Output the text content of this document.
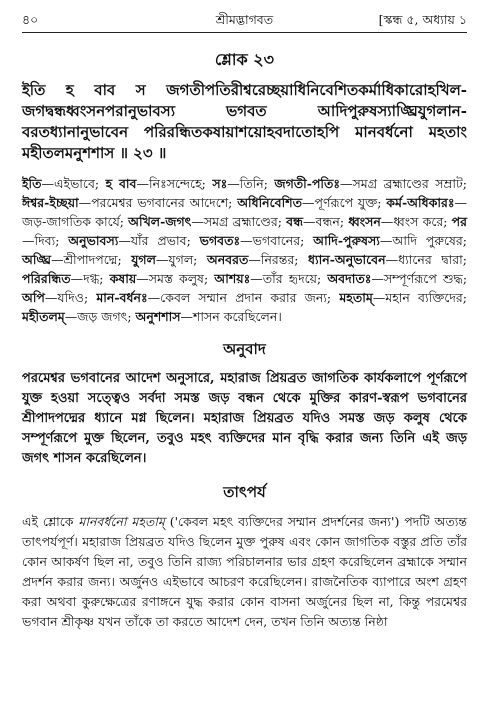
৪০	শ্রীমদ্ভাগবত	[স্কন্ধ ৫, অধ্যায় ১
শ্লোক ২৩
ইতি হ বাব স জগতীপতিরীশ্বরেচ্ছয়াধিনিবেশিতকর্মাধিকারোহখিল-জগদ্বন্ধধ্বংসনপরানুভাবস্য ভগবত আদিপুরুষস্যাঙ্ঘ্রিযুগলান-বরতধ্যানানুভাবেন পরিরন্ধিতকষায়াশয়োহবদাতোহপি মানবর্ধনো মহতাং মহীতলমনুশশাস ॥ ২৩ ॥
ইতি—এইভাবে; হ বাব—নিঃসন্দেহে; সঃ—তিনি; জগতী-পতিঃ—সমগ্র ব্রহ্মাণ্ডের সম্রাট; ঈশ্বর-ইচ্ছয়া—পরমেশ্বর ভগবানের আদেশে; অধিনিবেশিত—পূর্ণরূপে যুক্ত; কর্ম-অধিকারঃ—জড়-জাগতিক কার্যে; অখিল-জগৎ—সমগ্র ব্রহ্মাণ্ডের; বন্ধ—বন্ধন; ধ্বংসন—ধ্বংস করে; পর—দিব্য; অনুভাবস্য—যাঁর প্রভাব; ভগবতঃ—ভগবানের; আদি-পুরুষস্য—আদি পুরুষের; অঙ্ঘ্রি—শ্রীপাদপদ্মে; যুগল—যুগল; অনবরত—নিরন্তর; ধ্যান-অনুভাবেন—ধ্যানের দ্বারা; পরিরন্ধিত—দগ্ধ; কষায়—সমস্ত কলুষ; আশয়ঃ—তাঁর হৃদয়ে; অবদাতঃ—সম্পূর্ণরূপে শুদ্ধ; অপি—যদিও; মান-বর্ধনঃ—কেবল সম্মান প্রদান করার জন্য; মহতাম্—মহান ব্যক্তিদের; মহীতলম্—জড় জগৎ; অনুশশাস—শাসন করেছিলেন।
অনুবাদ
পরমেশ্বর ভগবানের আদেশ অনুসারে, মহারাজ প্রিয়ব্রত জাগতিক কার্যকলাপে পূর্ণরূপে যুক্ত হওয়া সত্ত্বেও সর্বদা সমস্ত জড় বন্ধন থেকে মুক্তির কারণ-স্বরূপ ভগবানের শ্রীপাদপদ্মের ধ্যানে মগ্ন ছিলেন। মহারাজ প্রিয়ব্রত যদিও সমস্ত জড় কলুষ থেকে সম্পূর্ণরূপে মুক্ত ছিলেন, তবুও মহৎ ব্যক্তিদের মান বৃদ্ধি করার জন্য তিনি এই জড় জগৎ শাসন করেছিলেন।
তাৎপর্য
এই শ্লোকে মানবর্ধনো মহতাম্ ('কেবল মহৎ ব্যক্তিদের সম্মান প্রদর্শনের জন্য') পদটি অত্যন্ত তাৎপর্যপূর্ণ। মহারাজ প্রিয়ব্রত যদিও ছিলেন মুক্ত পুরুষ এবং কোন জাগতিক বস্তুর প্রতি তাঁর কোন আকর্ষণ ছিল না, তবুও তিনি রাজ্য পরিচালনার ভার গ্রহণ করেছিলেন ব্রহ্মাকে সম্মান প্রদর্শন করার জন্য। অর্জুনও এইভাবে আচরণ করেছিলেন। রাজনৈতিক ব্যাপারে অংশ গ্রহণ করা অথবা কুরুক্ষেত্রের রণাঙ্গনে যুদ্ধ করার কোন বাসনা অর্জুনের ছিল না, কিন্তু পরমেশ্বর ভগবান শ্রীকৃষ্ণ যখন তাঁকে তা করতে আদেশ দেন, তখন তিনি অত্যন্ত নিষ্ঠা
